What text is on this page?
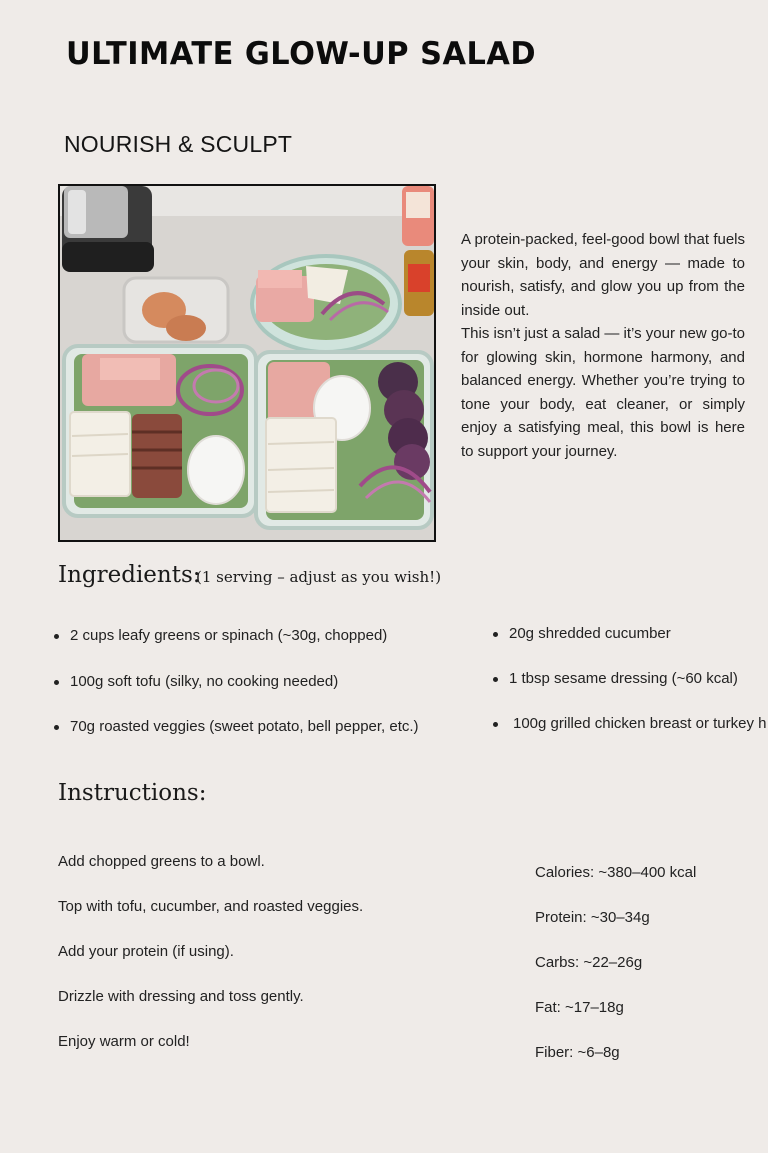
ULTIMATE GLOW-UP SALAD
NOURISH & SCULPT

A protein-packed, feel-good bowl that fuels your skin, body, and energy — made to nourish, satisfy, and glow you up from the inside out.

This isn’t just a salad — it’s your new go-to for glowing skin, hormone harmony, and balanced energy. Whether you’re trying to tone your body, eat cleaner, or simply enjoy a satisfying meal, this bowl is here to support your journey.

Ingredients:
(1 serving – adjust as you wish!)
2 cups leafy greens or spinach (~30g, chopped)
100g soft tofu (silky, no cooking needed)
70g roasted veggies (sweet potato, bell pepper, etc.)
20g shredded cucumber
1 tbsp sesame dressing (~60 kcal)
100g grilled chicken breast or turkey h
Instructions:
Add chopped greens to a bowl.
Top with tofu, cucumber, and roasted veggies.
Add your protein (if using).
Drizzle with dressing and toss gently.
Enjoy warm or cold!
Calories: ~380–400 kcal
Protein: ~30–34g
Carbs: ~22–26g
Fat: ~17–18g
Fiber: ~6–8g
